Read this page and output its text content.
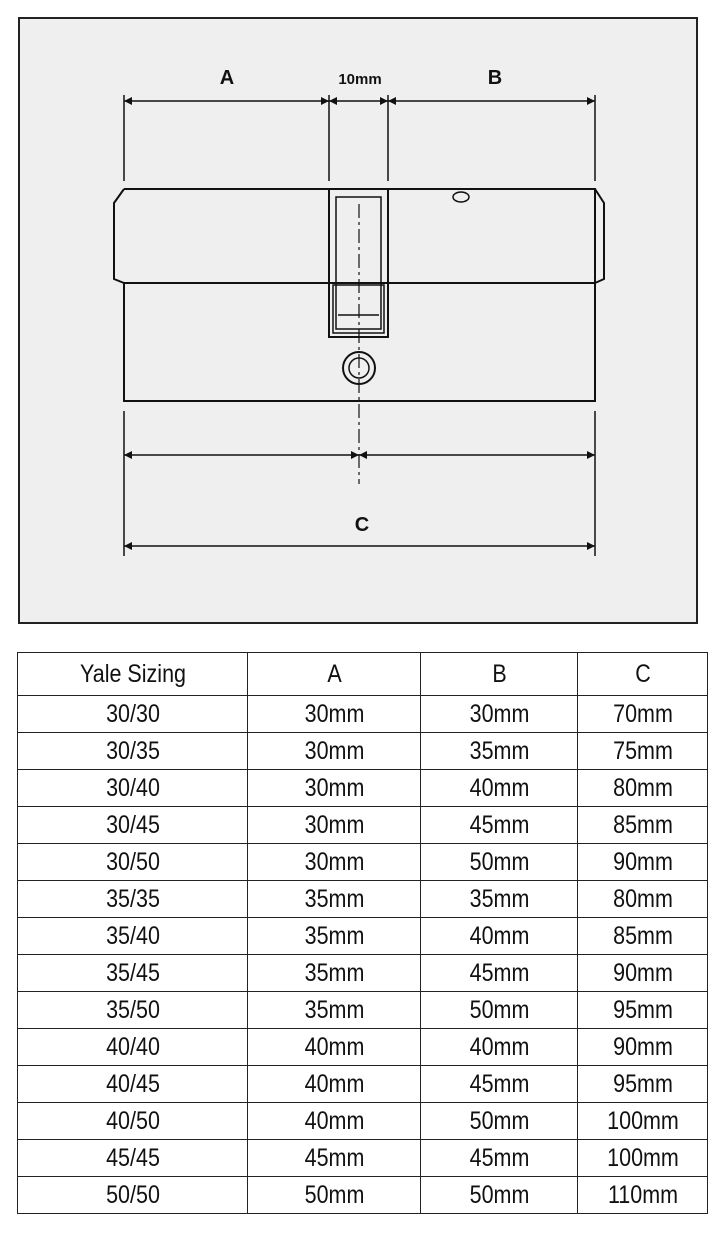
A	10mm	B
C
Yale Sizing	A	B	C
30/30	30mm	30mm	70mm
30/35	30mm	35mm	75mm
30/40	30mm	40mm	80mm
30/45	30mm	45mm	85mm
30/50	30mm	50mm	90mm
35/35	35mm	35mm	80mm
35/40	35mm	40mm	85mm
35/45	35mm	45mm	90mm
35/50	35mm	50mm	95mm
40/40	40mm	40mm	90mm
40/45	40mm	45mm	95mm
40/50	40mm	50mm	100mm
45/45	45mm	45mm	100mm
50/50	50mm	50mm	110mm
